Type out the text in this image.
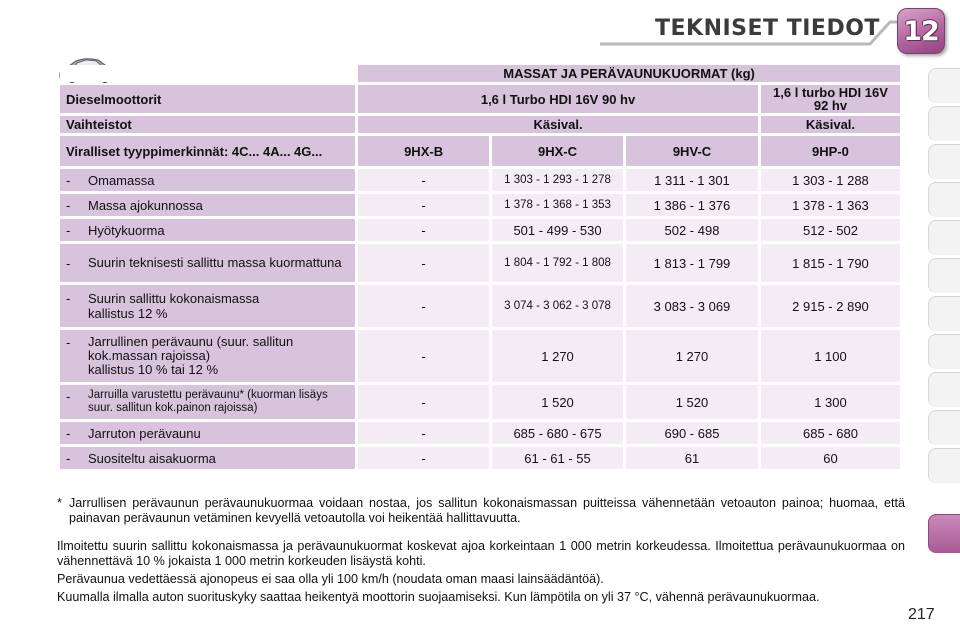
TEKNISET TIEDOT 12
	MASSAT JA PERÄVAUNUKUORMAT (kg)			
Dieselmoottorit	1,6 l Turbo HDI 16V 90 hv			1,6 l turbo HDI 16V 92 hv
Vaihteistot	Käsival.			Käsival.
Viralliset tyyppimerkinnät: 4C... 4A... 4G...	9HX-B	9HX-C	9HV-C	9HP-0

- Omamassa	-	1 303 - 1 293 - 1 278	1 311 - 1 301	1 303 - 1 288

- Massa ajokunnossa	-	1 378 - 1 368 - 1 353	1 386 - 1 376	1 378 - 1 363

- Hyötykuorma	-	501 - 499 - 530	502 - 498	512 - 502

- Suurin teknisesti sallittu massa kuormattuna	-	1 804 - 1 792 - 1 808	1 813 - 1 799	1 815 - 1 790

- Suurin sallittu kokonaismassa
kallistus 12 %	-	3 074 - 3 062 - 3 078	3 083 - 3 069	2 915 - 2 890

- Jarrullinen perävaunu (suur. sallitun kok.massan rajoissa)
kallistus 10 % tai 12 %	-	1 270	1 270	1 100

- Jarruilla varustettu perävaunu* (kuorman lisäys suur. sallitun kok.painon rajoissa)	-	1 520	1 520	1 300

- Jarruton perävaunu	-	685 - 680 - 675	690 - 685	685 - 680

- Suositeltu aisakuorma	-	61 - 61 - 55	61	60
* Jarrullisen perävaunun perävaunukuormaa voidaan nostaa, jos sallitun kokonaismassan puitteissa vähennetään vetoauton painoa; huomaa, että painavan perävaunun vetäminen kevyellä vetoautolla voi heikentää hallittavuutta.

Ilmoitettu suurin sallittu kokonaismassa ja perävaunukuormat koskevat ajoa korkeintaan 1 000 metrin korkeudessa. Ilmoitettua perävaunukuormaa on vähennettävä 10 % jokaista 1 000 metrin korkeuden lisäystä kohti.

Perävaunua vedettäessä ajonopeus ei saa olla yli 100 km/h (noudata oman maasi lainsäädäntöä).

Kuumalla ilmalla auton suorituskyky saattaa heikentyä moottorin suojaamiseksi. Kun lämpötila on yli 37 °C, vähennä perävaunukuormaa.

217
